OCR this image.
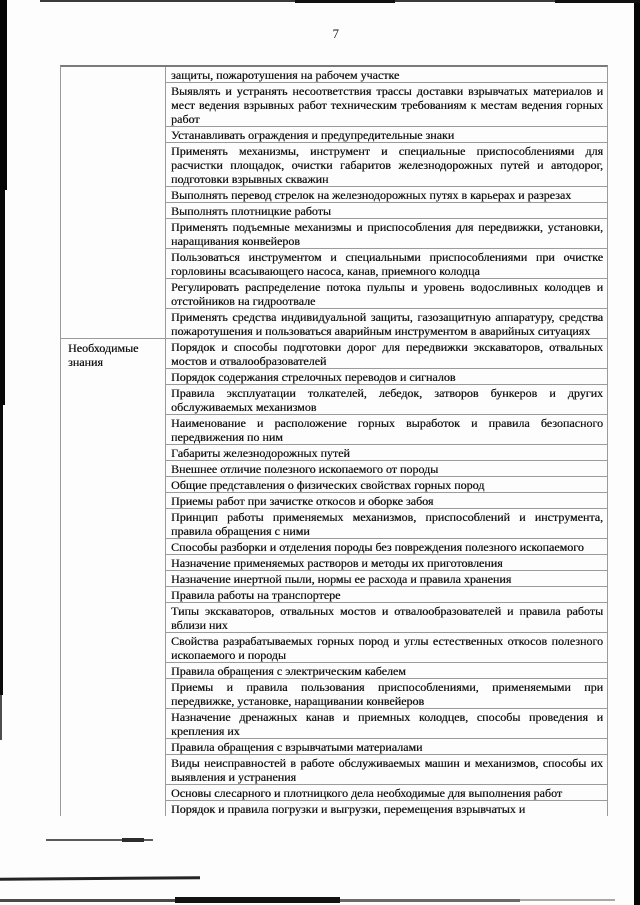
7
защиты, пожаротушения на рабочем участке
Выявлять и устранять несоответствия трассы доставки взрывчатых материалов и мест ведения взрывных работ техническим требованиям к местам ведения горных работ
Устанавливать ограждения и предупредительные знаки
Применять механизмы, инструмент и специальные приспособлениями для расчистки площадок, очистки габаритов железнодорожных путей и автодорог, подготовки взрывных скважин
Выполнять перевод стрелок на железнодорожных путях в карьерах и разрезах
Выполнять плотницкие работы
Применять подъемные механизмы и приспособления для передвижки, установки, наращивания конвейеров
Пользоваться инструментом и специальными приспособлениями при очистке горловины всасывающего насоса, канав, приемного колодца
Регулировать распределение потока пульпы и уровень водосливных колодцев и отстойников на гидроотвале
Применять средства индивидуальной защиты, газозащитную аппаратуру, средства пожаротушения и пользоваться аварийным инструментом в аварийных ситуациях
Необходимые знания
Порядок и способы подготовки дорог для передвижки экскаваторов, отвальных мостов и отвалообразователей
Порядок содержания стрелочных переводов и сигналов
Правила эксплуатации толкателей, лебедок, затворов бункеров и других обслуживаемых механизмов
Наименование и расположение горных выработок и правила безопасного передвижения по ним
Габариты железнодорожных путей
Внешнее отличие полезного ископаемого от породы
Общие представления о физических свойствах горных пород
Приемы работ при зачистке откосов и оборке забоя
Принцип работы применяемых механизмов, приспособлений и инструмента, правила обращения с ними
Способы разборки и отделения породы без повреждения полезного ископаемого
Назначение применяемых растворов и методы их приготовления
Назначение инертной пыли, нормы ее расхода и правила хранения
Правила работы на транспортере
Типы экскаваторов, отвальных мостов и отвалообразователей и правила работы вблизи них
Свойства разрабатываемых горных пород и углы естественных откосов полезного ископаемого и породы
Правила обращения с электрическим кабелем
Приемы и правила пользования приспособлениями, применяемыми при передвижке, установке, наращивании конвейеров
Назначение дренажных канав и приемных колодцев, способы проведения и крепления их
Правила обращения с взрывчатыми материалами
Виды неисправностей в работе обслуживаемых машин и механизмов, способы их выявления и устранения
Основы слесарного и плотницкого дела необходимые для выполнения работ
Порядок и правила погрузки и выгрузки, перемещения взрывчатых и
